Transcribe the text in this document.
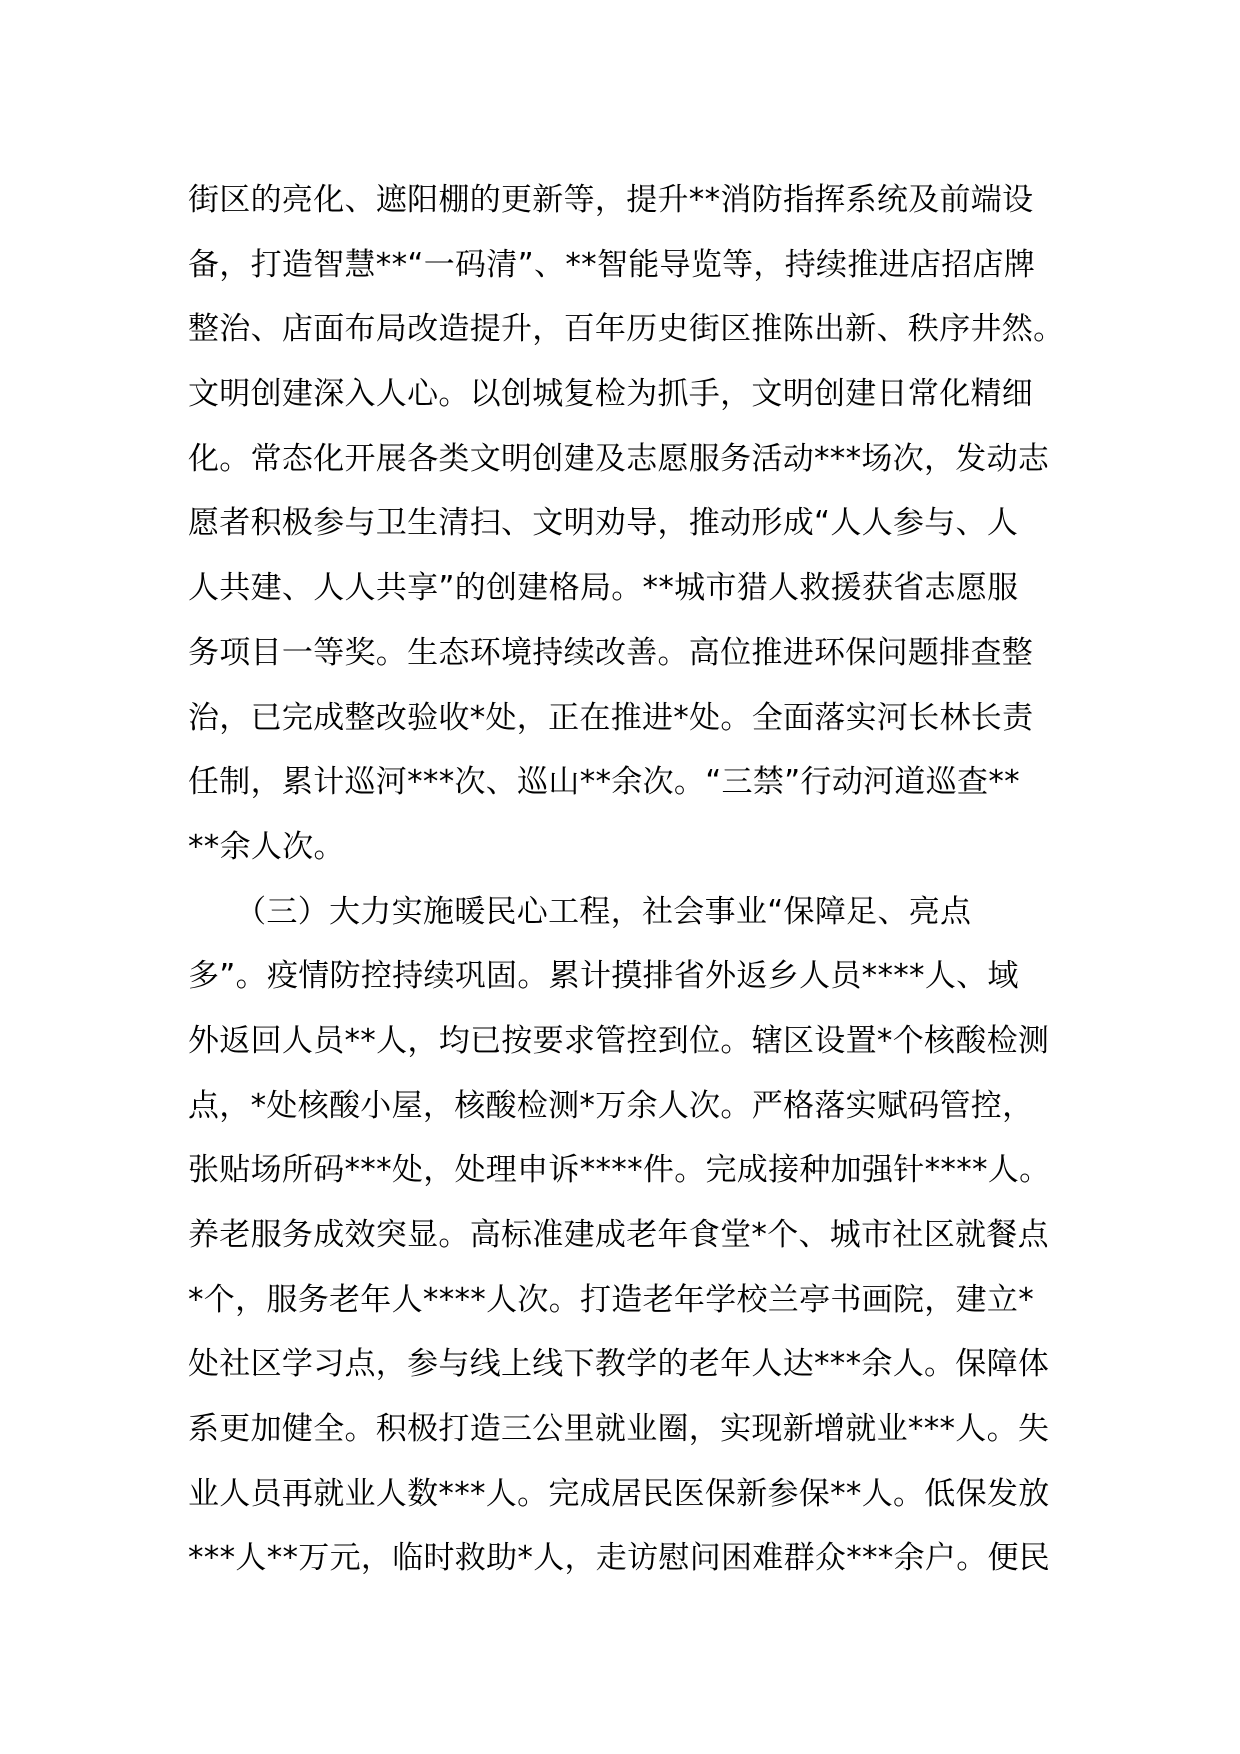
街区的亮化、遮阳棚的更新等，提升**消防指挥系统及前端设
备，打造智慧**“一码清”、**智能导览等，持续推进店招店牌
整治、店面布局改造提升，百年历史街区推陈出新、秩序井然。
文明创建深入人心。以创城复检为抓手，文明创建日常化精细
化。常态化开展各类文明创建及志愿服务活动***场次，发动志
愿者积极参与卫生清扫、文明劝导，推动形成“人人参与、人
人共建、人人共享”的创建格局。**城市猎人救援获省志愿服
务项目一等奖。生态环境持续改善。高位推进环保问题排查整
治，已完成整改验收*处，正在推进*处。全面落实河长林长责
任制，累计巡河***次、巡山**余次。“三禁”行动河道巡查**
**余人次。
　　（三）大力实施暖民心工程，社会事业“保障足、亮点
多”。疫情防控持续巩固。累计摸排省外返乡人员****人、域
外返回人员**人，均已按要求管控到位。辖区设置*个核酸检测
点，*处核酸小屋，核酸检测*万余人次。严格落实赋码管控，
张贴场所码***处，处理申诉****件。完成接种加强针****人。
养老服务成效突显。高标准建成老年食堂*个、城市社区就餐点
*个，服务老年人****人次。打造老年学校兰亭书画院，建立*
处社区学习点，参与线上线下教学的老年人达***余人。保障体
系更加健全。积极打造三公里就业圈，实现新增就业***人。失
业人员再就业人数***人。完成居民医保新参保**人。低保发放
***人**万元，临时救助*人，走访慰问困难群众***余户。便民
